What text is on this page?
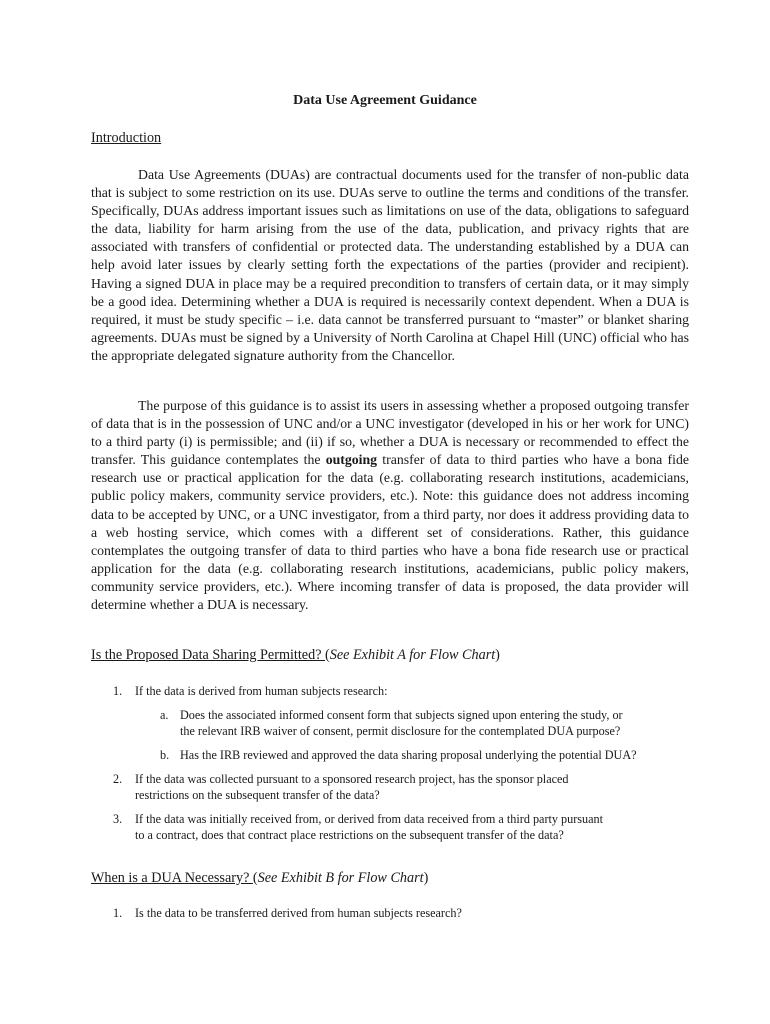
Data Use Agreement Guidance
Introduction

Data Use Agreements (DUAs) are contractual documents used for the transfer of non-public data that is subject to some restriction on its use. DUAs serve to outline the terms and conditions of the transfer. Specifically, DUAs address important issues such as limitations on use of the data, obligations to safeguard the data, liability for harm arising from the use of the data, publication, and privacy rights that are associated with transfers of confidential or protected data. The understanding established by a DUA can help avoid later issues by clearly setting forth the expectations of the parties (provider and recipient). Having a signed DUA in place may be a required precondition to transfers of certain data, or it may simply be a good idea. Determining whether a DUA is required is necessarily context dependent. When a DUA is required, it must be study specific – i.e. data cannot be transferred pursuant to “master” or blanket sharing agreements. DUAs must be signed by a University of North Carolina at Chapel Hill (UNC) official who has the appropriate delegated signature authority from the Chancellor.

The purpose of this guidance is to assist its users in assessing whether a proposed outgoing transfer of data that is in the possession of UNC and/or a UNC investigator (developed in his or her work for UNC) to a third party (i) is permissible; and (ii) if so, whether a DUA is necessary or recommended to effect the transfer. This guidance contemplates the outgoing transfer of data to third parties who have a bona fide research use or practical application for the data (e.g. collaborating research institutions, academicians, public policy makers, community service providers, etc.). Note: this guidance does not address incoming data to be accepted by UNC, or a UNC investigator, from a third party, nor does it address providing data to a web hosting service, which comes with a different set of considerations. Rather, this guidance contemplates the outgoing transfer of data to third parties who have a bona fide research use or practical application for the data (e.g. collaborating research institutions, academicians, public policy makers, community service providers, etc.). Where incoming transfer of data is proposed, the data provider will determine whether a DUA is necessary.

Is the Proposed Data Sharing Permitted? (See Exhibit A for Flow Chart)
1. If the data is derived from human subjects research:
a. Does the associated informed consent form that subjects signed upon entering the study, or
the relevant IRB waiver of consent, permit disclosure for the contemplated DUA purpose?
b. Has the IRB reviewed and approved the data sharing proposal underlying the potential DUA?
2. If the data was collected pursuant to a sponsored research project, has the sponsor placed
restrictions on the subsequent transfer of the data?
3. If the data was initially received from, or derived from data received from a third party pursuant
to a contract, does that contract place restrictions on the subsequent transfer of the data?
When is a DUA Necessary? (See Exhibit B for Flow Chart)
1. Is the data to be transferred derived from human subjects research?
